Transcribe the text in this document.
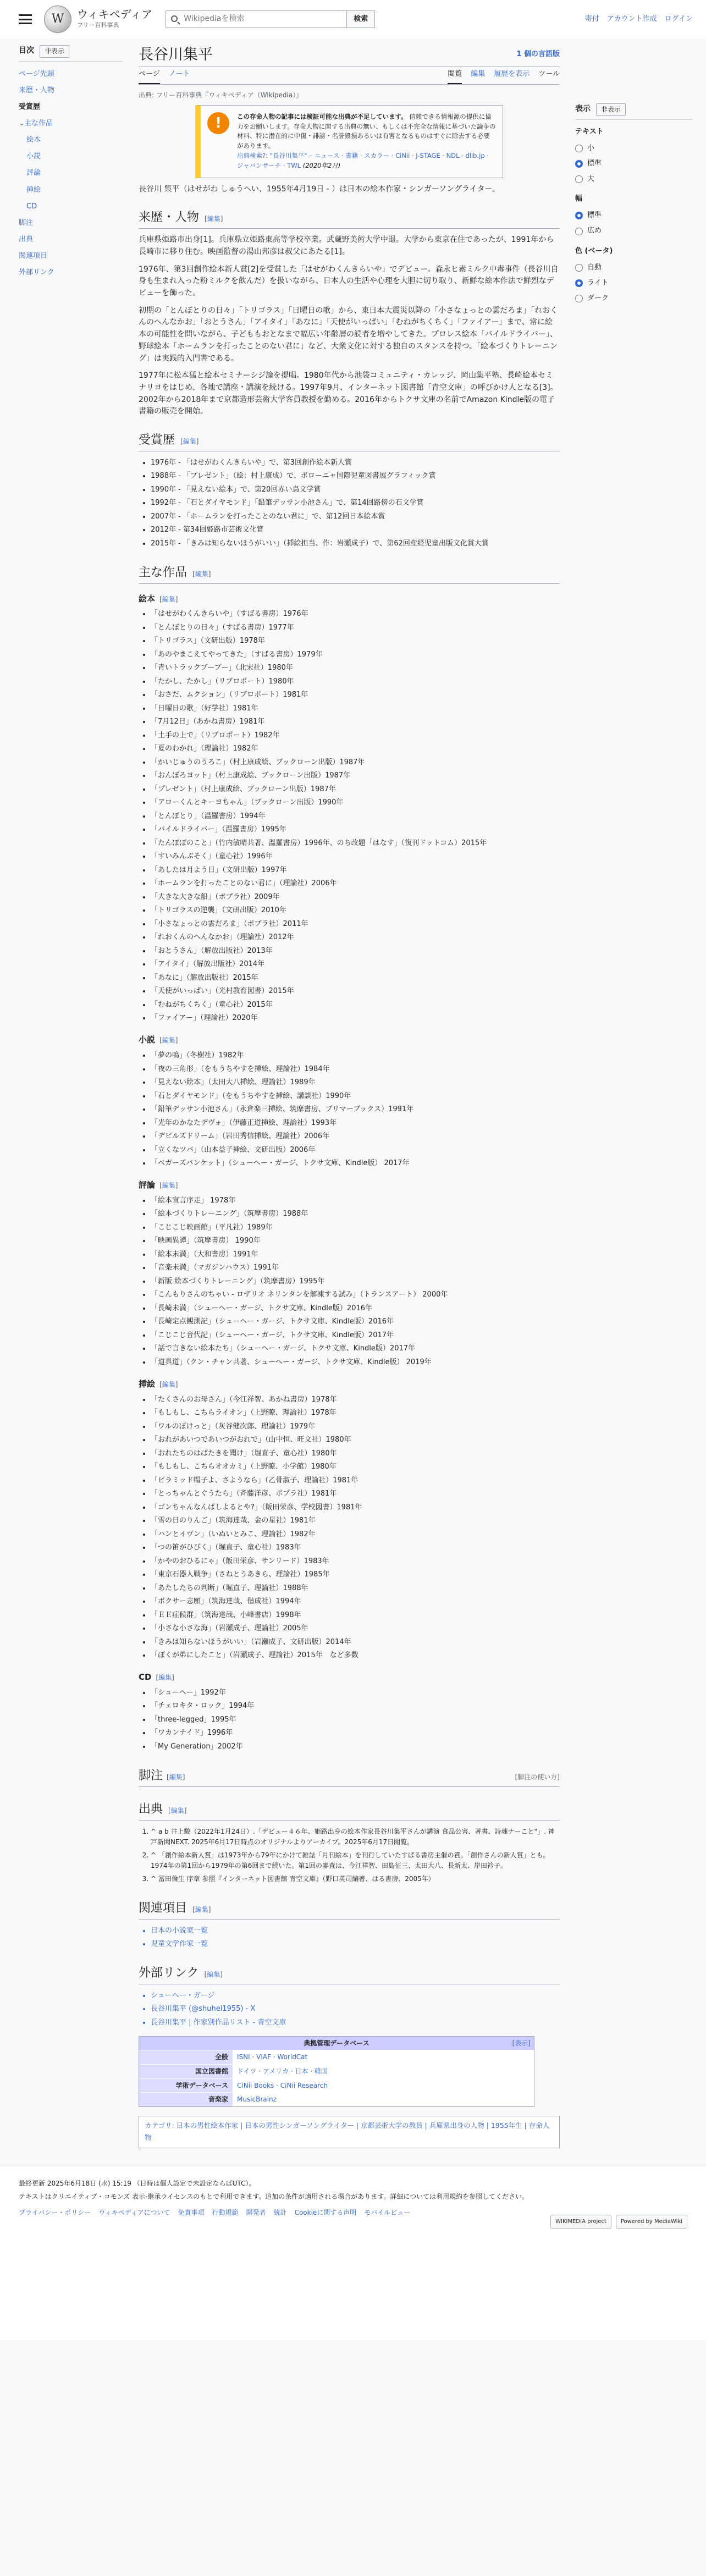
W	ウィキペディア
フリー百科事典
Wikipediaを検索	検索	寄付 アカウント作成 ログイン
目次	非表示
ページ先頭
来歴・人物
受賞歴
⌄主な作品
絵本
小説
評論
挿絵
CD
脚注
出典
関連項目
外部リンク
長谷川集平	1 個の言語版
ページ ノート	閲覧 編集 履歴を表示 ツール
出典: フリー百科事典『ウィキペディア（Wikipedia）』
!	この存命人物の記事には検証可能な出典が不足しています。 信頼できる情報源の提供に協力をお願いします。存命人物に関する出典の無い、もしくは不完全な情報に基づいた論争の材料、特に潜在的に中傷・誹謗・名誉毀損あるいは有害となるものはすぐに除去する必要があります。
出典検索?: "長谷川集平" – ニュース · 書籍 · スカラー · CiNii · J-STAGE · NDL · dlib.jp · ジャパンサーチ · TWL (2020年2月)

長谷川 集平（はせがわ しゅうへい、1955年4月19日 - ）は日本の絵本作家・シンガーソングライター。

来歴・人物 [編集]

兵庫県姫路市出身[1]。兵庫県立姫路東高等学校卒業。武蔵野美術大学中退。大学から東京在住であったが、1991年から長崎市に移り住む。映画監督の湯山邦彦は叔父にあたる[1]。

1976年、第3回創作絵本新人賞[2]を受賞した「はせがわくんきらいや」でデビュー。森永ヒ素ミルク中毒事件（長谷川自身も生まれ入った粉ミルクを飲んだ）を扱いながら、日本人の生活や心理を大胆に切り取り、新鮮な絵本作法で鮮烈なデビューを飾った。

初期の「とんぼとりの日々」「トリゴラス」「日曜日の歌」から、東日本大震災以降の「小さなょっとの雲だろま」「れおくんのへんなかお」「おとうさん」「アイタイ」「あなに」「天使がいっぱい」「むねがちくちく」「ファイアー」まで、常に絵本の可能性を問いながら、子どももおとなまで幅広い年齢層の読者を増やしてきた。プロレス絵本「バイルドライバー」、野球絵本「ホームランを打ったことのない君に」など、大衆文化に対する独自のスタンスを持つ。「絵本づくりトレーニング」は実践的入門書である。

1977年に松本猛と絵本セミナーシジ論を提唱。1980年代から池袋コミュニティ・カレッジ、岡山集平塾、長崎絵本セミナリヨをはじめ、各地で講座・講演を続ける。1997年9月、インターネット図書館「青空文庫」の呼びかけ人となる[3]。2002年から2018年まで京都造形芸術大学客員教授を勤める。2016年からトクサ文庫の名前でAmazon Kindle版の電子書籍の販売を開始。

受賞歴 [編集]
• 1976年 - 「はせがわくんきらいや」で、第3回創作絵本新人賞
• 1988年 - 「プレゼント」（絵：村上康成）で、ボローニャ国際児童図書展グラフィック賞
• 1990年 - 「見えない絵本」で、第20回赤い鳥文学賞
• 1992年 - 「石とダイヤモンド」「鉛筆デッサン小池さん」で、第14回路傍の石文学賞
• 2007年 - 「ホームランを打ったことのない君に」で、第12回日本絵本賞
• 2012年 - 第34回姫路市芸術文化賞
• 2015年 - 「きみは知らないほうがいい」（挿絵担当、作：岩瀬成子）で、第62回産経児童出版文化賞大賞
主な作品 [編集]
絵本 [編集]
• 「はせがわくんきらいや」（すばる書房）1976年
• 「とんぼとりの日々」（すばる書房）1977年
• 「トリゴラス」（文研出版）1978年
• 「あのやまこえてやってきた」（すばる書房）1979年
• 「青いトラックブーブー」（北宋社）1980年
• 「たかし、たかし」（リブロポート）1980年
• 「おさだ、ムクション」（リブロポート）1981年
• 「日曜日の歌」（好学社）1981年
• 「7月12日」（あかね書房）1981年
• 「土手の上で」（リブロポート）1982年
• 「夏のわかれ」（理論社）1982年
• 「かいじゅうのうろこ」（村上康成絵、ブックローン出版）1987年
• 「おんぼろヨット」（村上康成絵、ブックローン出版）1987年
• 「プレゼント」（村上康成絵、ブックローン出版）1987年
• 「アローくんとキーヨちゃん」（ブックローン出版）1990年
• 「とんぼとり」（温羅書房）1994年
• 「パイルドライバー」（温羅書房）1995年
• 「たんぽぽのこと」（竹内敏晴共著、温羅書房）1996年、のち改題「はなす」（復刊ドットコム）2015年
• 「すいみんぶそく」（童心社）1996年
• 「あしたは月よう日」（文研出版）1997年
• 「ホームランを打ったことのない君に」（理論社）2006年
• 「大きな大きな船」（ポプラ社）2009年
• 「トリゴラスの逆襲」（文研出版）2010年
• 「小さなょっとの雲だろま」（ポプラ社）2011年
• 「れおくんのへんなかお」（理論社）2012年
• 「おとうさん」（解放出版社）2013年
• 「アイタイ」（解放出版社）2014年
• 「あなに」（解放出版社）2015年
• 「天使がいっぱい」（光村教育図書）2015年
• 「むねがちくちく」（童心社）2015年
• 「ファイアー」（理論社）2020年
小説 [編集]
• 「夢の鳴」（冬樹社）1982年
• 「夜の三角形」（をもうちやすを挿絵、理論社）1984年
• 「見えない絵本」（太田大八挿絵、理論社）1989年
• 「石とダイヤモンド」（をもうちやすを挿絵、講談社）1990年
• 「鉛筆デッサン小池さん」（永倉楽三挿絵、筑摩書房、ブリマーブックス）1991年
• 「光年のかなたデヴォ」（伊藤正道挿絵、理論社）1993年
• 「デビルズドリーム」（岩田秀信挿絵、理論社）2006年
• 「立くなツバ」（山本益子挿絵、文研出版）2006年
• 「ベガーズバンケット」（シューヘー・ガージ、トクサ文庫、Kindle版） 2017年
評論 [編集]
• 「絵本宣言序走」 1978年
• 「絵本づくりトレーニング」（筑摩書房）1988年
• 「こじこじ映画館」（平凡社）1989年
• 「映画異譚」（筑摩書房） 1990年
• 「絵本未満」（大和書房）1991年
• 「音楽未満」（マガジンハウス）1991年
• 「新版 絵本づくりトレーニング」（筑摩書房）1995年
• 「こんもりさんのちゃい - ロザリオ ネリンタンを解凍する試み」（トランスアート） 2000年
• 「長崎未満」（シューヘー・ガージ、トクサ文庫、Kindle版）2016年
• 「長崎定点観測記」（シューヘー・ガージ、トクサ文庫、Kindle版）2016年
• 「こじこじ音代記」（シューヘー・ガージ、トクサ文庫、Kindle版）2017年
• 「話で言きない絵本たち」（シューヘー・ガージ、トクサ文庫、Kindle版）2017年
• 「道具道」（クン・チャン共著、シューヘー・ガージ、トクサ文庫、Kindle版） 2019年
挿絵 [編集]
• 「たくさんのお母さん」（今江祥智、あかね書房）1978年
• 「もしもし、こちらライオン」（上野瞭、理論社）1978年
• 「ワルのぽけっと」（灰谷健次郎、理論社）1979年
• 「おれがあいつであいつがおれで」（山中恒、旺文社）1980年
• 「おれたちのはばたきを聞け」（堀直子、童心社）1980年
• 「もしもし、こちらオオカミ」（上野瞭、小学館）1980年
• 「ピラミッド帽子よ、さようなら」（乙骨淑子、理論社）1981年
• 「とっちゃんとぐうたら」（斉藤洋彦、ポプラ社）1981年
• 「ゴンちゃんなんばしよるとや?」（飯田栄彦、学校図書）1981年
• 「雪の日のりんご」（筑海達哉、金の星社）1981年
• 「ハンとイヴン」（いぬいとみこ、理論社）1982年
• 「つの笛がひびく」（堀直子、童心社）1983年
• 「かやのおひるにゃ」（飯田栄彦、サンリード）1983年
• 「東京石器人戦争」（さねとうあきら、理論社）1985年
• 「あたしたちの判断」（堀直子、理論社）1988年
• 「ボクサー志願」（筑海達哉、偕成社）1994年
• 「ＥＥ症候群」（筑海達哉、小峰書店）1998年
• 「小さな小さな海」（岩瀬成子、理論社）2005年
• 「きみは知らないほうがいい」（岩瀬成子、文研出版）2014年
• 「ぼくが弟にしたこと」（岩瀬成子、理論社）2015年　など多数
CD [編集]
• 「シューヘー」1992年
• 「チェロキタ・ロック」1994年
• 「three-legged」1995年
• 「ワカンナイド」1996年
• 「My Generation」2002年
脚注 [編集]	[脚注の使い方]
出典 [編集]
1. ^ a b 井上駿（2022年1月24日）.「デビュー４６年、姫路出身の絵本作家長谷川集平さんが講演 食品公害、著書、詩魂ナーこと"」. 神戸新聞NEXT. 2025年6月17日時点のオリジナルよりアーカイブ。2025年6月17日閲覧。
2. ^ 「創作絵本新人賞」は1973年から79年にかけて雑誌「月刊絵本」を刊行していたすばる書房主催の賞。「創作さんの新人賞」とも。1974年の第1回から1979年の第6回まで続いた。第1回の審査は、今江祥智、田島征三、太田大八、長新太、岸田衿子。
3. ^ 冨田倫生 序章 参照『インターネット図書館 青空文庫』（野口英司編著、はる書房、2005年）
関連項目 [編集]
• 日本の小説家一覧
• 児童文学作家一覧
外部リンク [編集]
• シューヘー・ガージ
• 長谷川集平 (@shuhei1955) - X
• 長谷川集平 | 作家別作品リスト - 青空文庫
典拠管理データベース	[表示]
全般	ISNI · VIAF · WorldCat
国立図書館	ドイツ · アメリカ · 日本 · 韓国
学術データベース	CiNii Books · CiNii Research
音楽家	MusicBrainz
カテゴリ: 日本の男性絵本作家 | 日本の男性シンガーソングライター | 京都芸術大学の教員 | 兵庫県出身の人物 | 1955年生 | 存命人物
表示	非表示
テキスト
小
標準
大
幅
標準
広め
色 (ベータ)
自動
ライト
ダーク
最終更新 2025年6月18日 (水) 15:19 （日時は個人設定で未設定ならばUTC）。
テキストはクリエイティブ・コモンズ 表示-継承ライセンスのもとで利用できます。追加の条件が適用される場合があります。詳細については利用規約を参照してください。
プライバシー・ポリシー ウィキペディアについて 免責事項 行動規範 開発者 統計 Cookieに関する声明 モバイルビュー
WIKIMEDIA project	Powered by MediaWiki
